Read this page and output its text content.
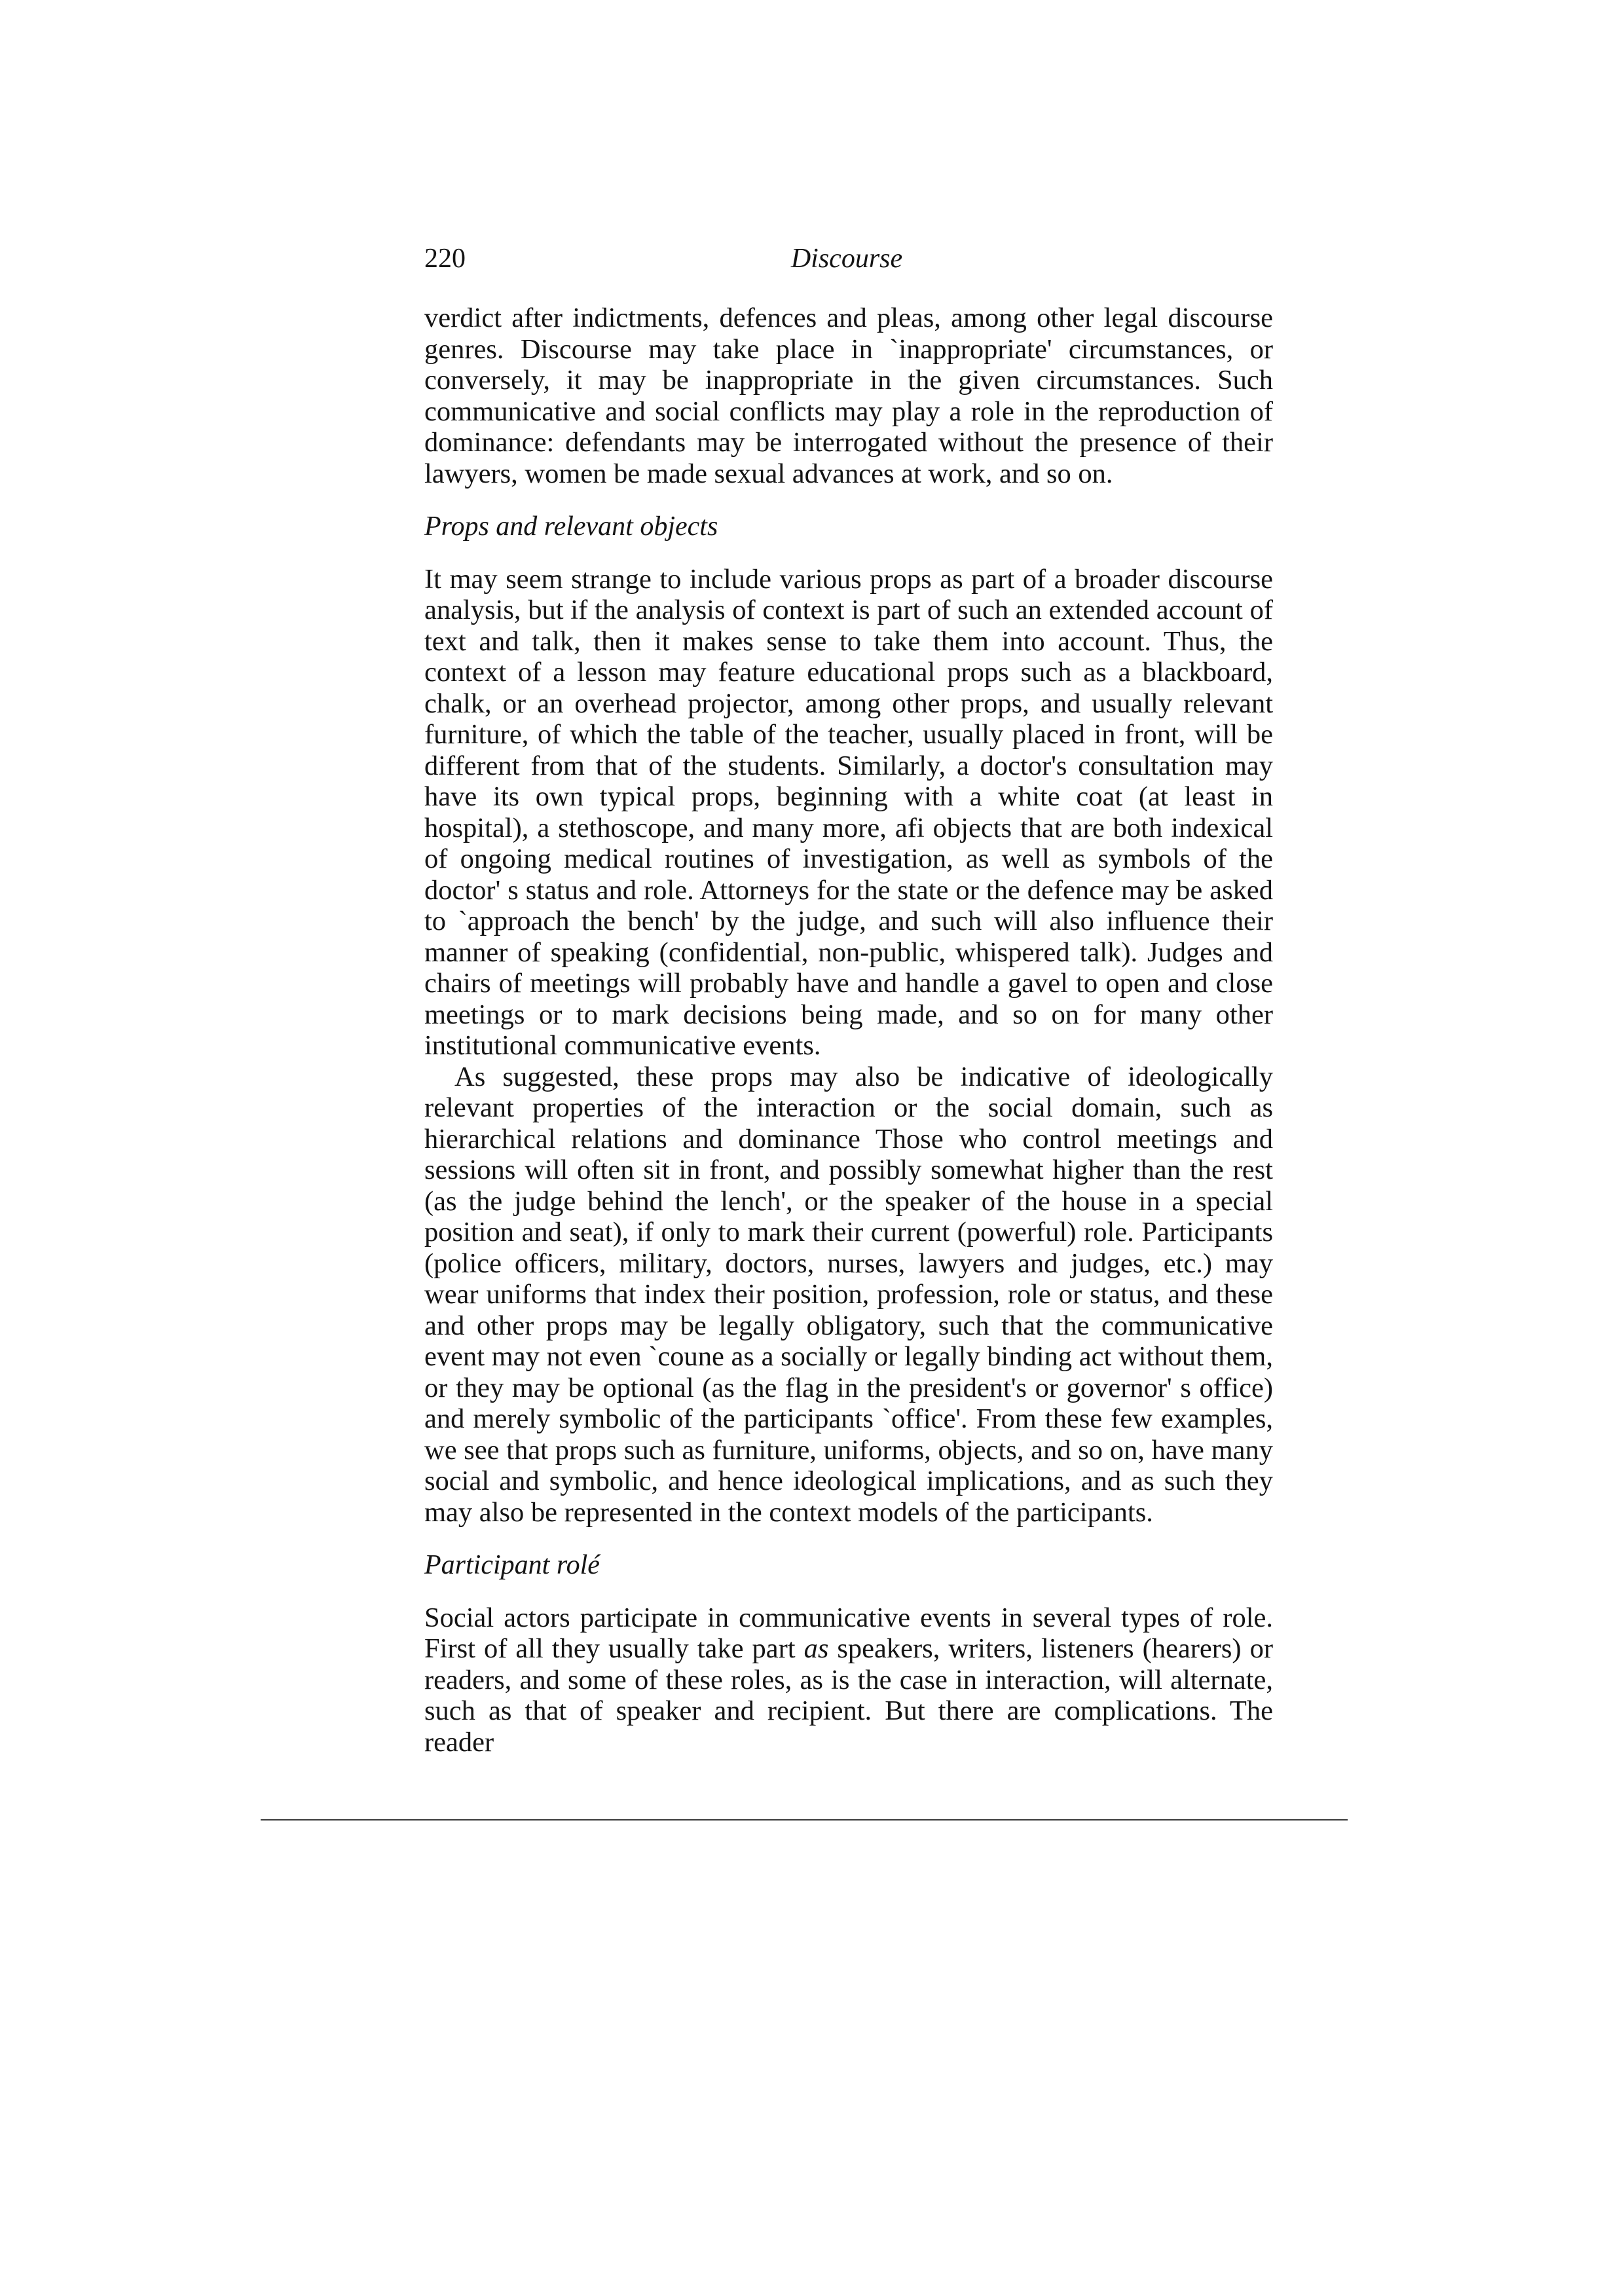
220	Discourse

verdict after indictments, defences and pleas, among other legal discourse genres. Discourse may take place in `inappropriate' circumstances, or conversely, it may be inappropriate in the given circumstances. Such communicative and social conflicts may play a role in the reproduction of dominance: defendants may be interrogated without the presence of their lawyers, women be made sexual advances at work, and so on.

Props and relevant objects

It may seem strange to include various props as part of a broader discourse analysis, but if the analysis of context is part of such an extended account of text and talk, then it makes sense to take them into account. Thus, the context of a lesson may feature educational props such as a blackboard, chalk, or an overhead projector, among other props, and usually relevant furniture, of which the table of the teacher, usually placed in front, will be different from that of the students. Similarly, a doctor's consultation may have its own typical props, beginning with a white coat (at least in hospital), a stethoscope, and many more, afi objects that are both indexical of ongoing medical routines of investigation, as well as symbols of the doctor' s status and role. Attorneys for the state or the defence may be asked to `approach the bench' by the judge, and such will also influence their manner of speaking (confidential, non-public, whispered talk). Judges and chairs of meetings will probably have and handle a gavel to open and close meetings or to mark decisions being made, and so on for many other institutional communicative events.

As suggested, these props may also be indicative of ideologically relevant properties of the interaction or the social domain, such as hierarchical relations and dominance Those who control meetings and sessions will often sit in front, and possibly somewhat higher than the rest (as the judge behind the lench', or the speaker of the house in a special position and seat), if only to mark their current (powerful) role. Participants (police officers, military, doctors, nurses, lawyers and judges, etc.) may wear uniforms that index their position, profession, role or status, and these and other props may be legally obligatory, such that the communicative event may not even `coune as a socially or legally binding act without them, or they may be optional (as the flag in the president's or governor' s office) and merely symbolic of the participants `office'. From these few examples, we see that props such as furniture, uniforms, objects, and so on, have many social and symbolic, and hence ideological implications, and as such they may also be represented in the context models of the participants.

Participant rolé

Social actors participate in communicative events in several types of role. First of all they usually take part as speakers, writers, listeners (hearers) or readers, and some of these roles, as is the case in interaction, will alternate, such as that of speaker and recipient. But there are complications. The reader
